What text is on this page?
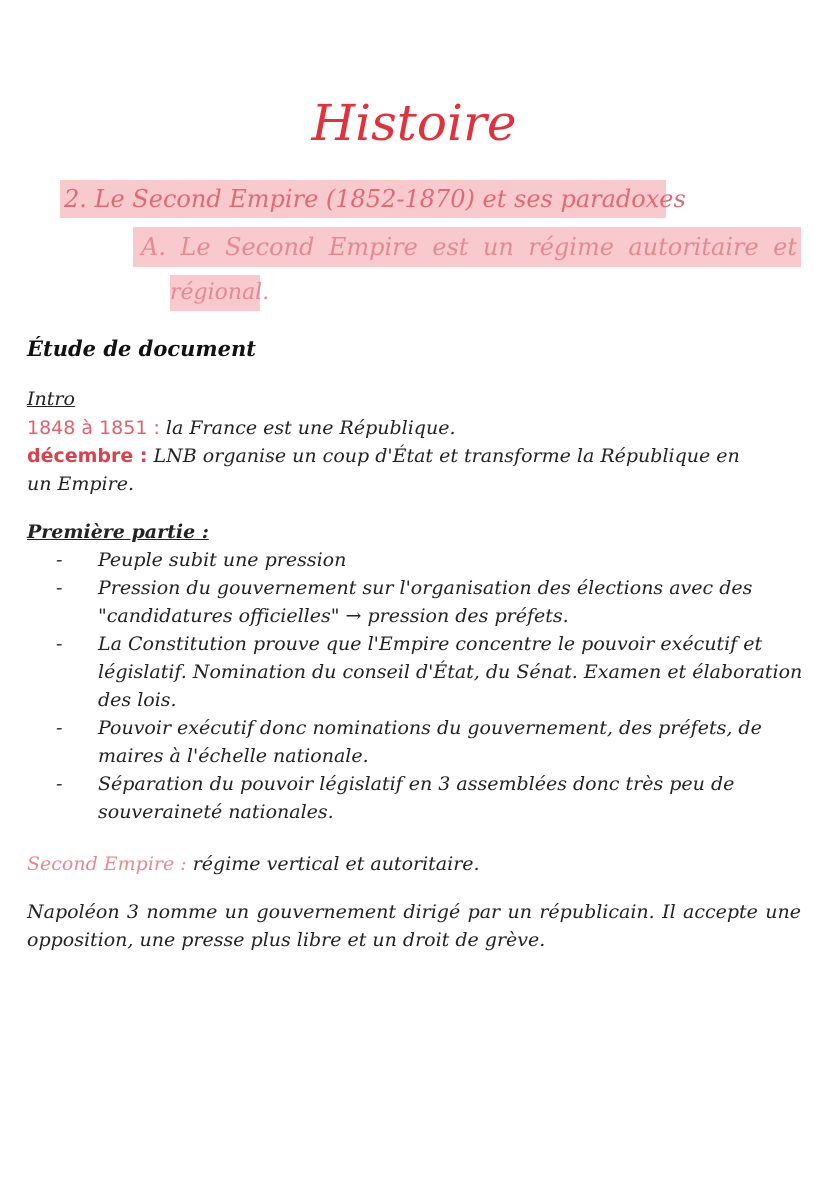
Histoire
2. Le Second Empire (1852-1870) et ses paradoxes
A. Le Second Empire est un régime autoritaire et
régional.
Étude de document
Intro
1848 à 1851 : la France est une République.
décembre : LNB organise un coup d'État et transforme la République en
un Empire.
Première partie :
-	Peuple subit une pression
-	Pression du gouvernement sur l'organisation des élections avec des "candidatures officielles" → pression des préfets.
-	La Constitution prouve que l'Empire concentre le pouvoir exécutif et législatif. Nomination du conseil d'État, du Sénat. Examen et élaboration des lois.
-	Pouvoir exécutif donc nominations du gouvernement, des préfets, de maires à l'échelle nationale.
-	Séparation du pouvoir législatif en 3 assemblées donc très peu de souveraineté nationales.
Second Empire : régime vertical et autoritaire.
Napoléon 3 nomme un gouvernement dirigé par un républicain. Il accepte une opposition, une presse plus libre et un droit de grève.
